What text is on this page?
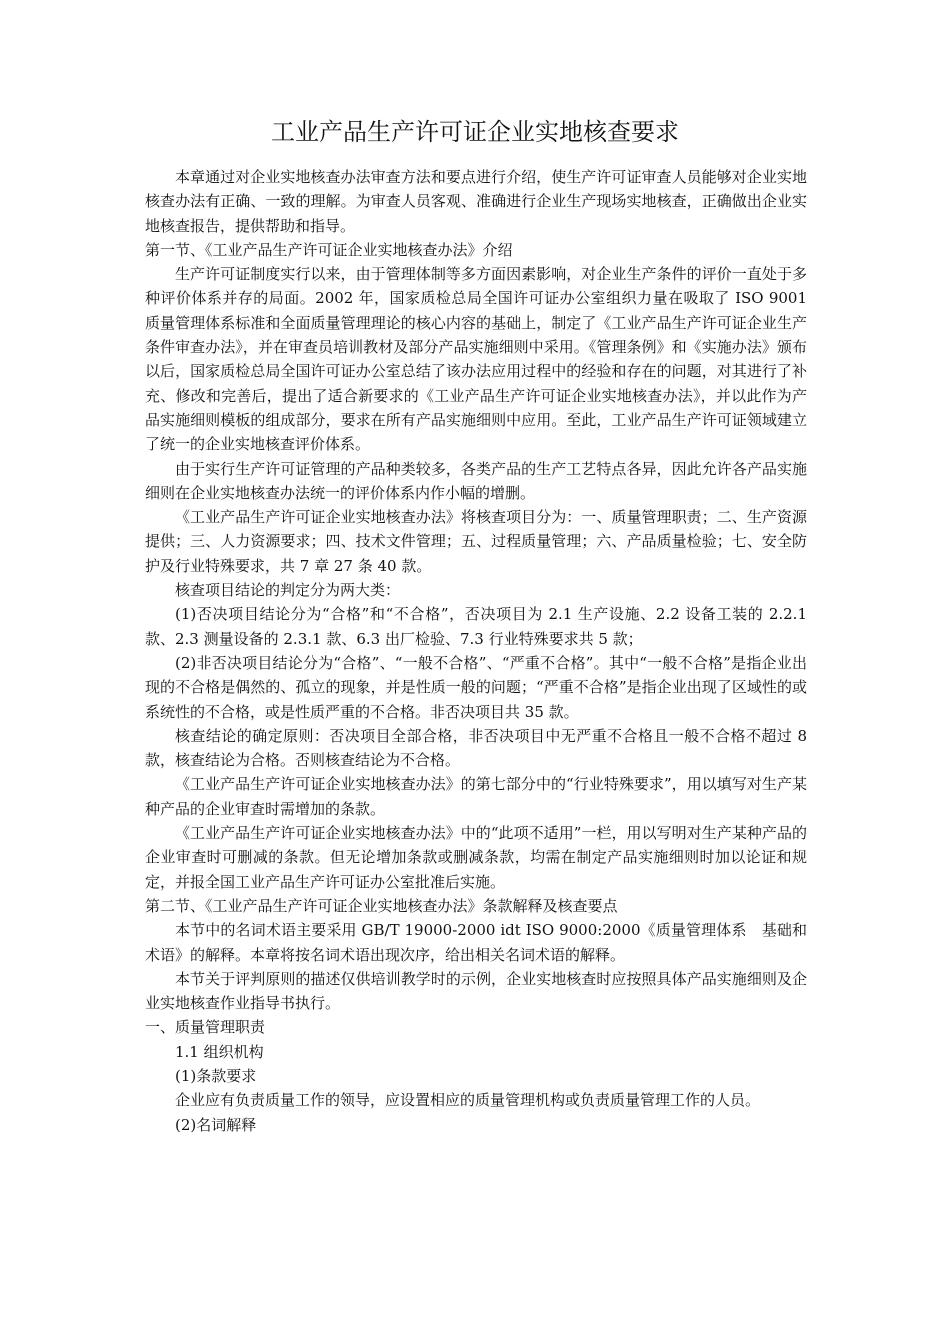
工业产品生产许可证企业实地核查要求

本章通过对企业实地核查办法审查方法和要点进行介绍，使生产许可证审查人员能够对企业实地核查办法有正确、一致的理解。为审查人员客观、准确进行企业生产现场实地核查，正确做出企业实地核查报告，提供帮助和指导。

第一节、《工业产品生产许可证企业实地核查办法》介绍

生产许可证制度实行以来，由于管理体制等多方面因素影响，对企业生产条件的评价一直处于多种评价体系并存的局面。2002 年，国家质检总局全国许可证办公室组织力量在吸取了 ISO 9001 质量管理体系标准和全面质量管理理论的核心内容的基础上，制定了《工业产品生产许可证企业生产条件审查办法》，并在审查员培训教材及部分产品实施细则中采用。《管理条例》和《实施办法》颁布以后，国家质检总局全国许可证办公室总结了该办法应用过程中的经验和存在的问题，对其进行了补充、修改和完善后，提出了适合新要求的《工业产品生产许可证企业实地核查办法》，并以此作为产品实施细则模板的组成部分，要求在所有产品实施细则中应用。至此，工业产品生产许可证领域建立了统一的企业实地核查评价体系。

由于实行生产许可证管理的产品种类较多，各类产品的生产工艺特点各异，因此允许各产品实施细则在企业实地核查办法统一的评价体系内作小幅的增删。

《工业产品生产许可证企业实地核查办法》将核查项目分为：一、质量管理职责；二、生产资源提供；三、人力资源要求；四、技术文件管理；五、过程质量管理；六、产品质量检验；七、安全防护及行业特殊要求，共 7 章 27 条 40 款。

核查项目结论的判定分为两大类：

(1)否决项目结论分为“合格”和“不合格”，否决项目为 2.1 生产设施、2.2 设备工装的 2.2.1 款、2.3 测量设备的 2.3.1 款、6.3 出厂检验、7.3 行业特殊要求共 5 款；

(2)非否决项目结论分为“合格”、“一般不合格”、“严重不合格”。其中“一般不合格”是指企业出现的不合格是偶然的、孤立的现象，并是性质一般的问题；“严重不合格”是指企业出现了区域性的或系统性的不合格，或是性质严重的不合格。非否决项目共 35 款。

核查结论的确定原则：否决项目全部合格，非否决项目中无严重不合格且一般不合格不超过 8 款，核查结论为合格。否则核查结论为不合格。

《工业产品生产许可证企业实地核查办法》的第七部分中的“行业特殊要求”，用以填写对生产某种产品的企业审查时需增加的条款。

《工业产品生产许可证企业实地核查办法》中的“此项不适用”一栏，用以写明对生产某种产品的企业审查时可删减的条款。但无论增加条款或删减条款，均需在制定产品实施细则时加以论证和规定，并报全国工业产品生产许可证办公室批准后实施。

第二节、《工业产品生产许可证企业实地核查办法》条款解释及核查要点

本节中的名词术语主要采用 GB/T 19000-2000 idt ISO 9000:2000《质量管理体系　基础和术语》的解释。本章将按名词术语出现次序，给出相关名词术语的解释。

本节关于评判原则的描述仅供培训教学时的示例，企业实地核查时应按照具体产品实施细则及企业实地核查作业指导书执行。

一、质量管理职责

1.1 组织机构

(1)条款要求

企业应有负责质量工作的领导，应设置相应的质量管理机构或负责质量管理工作的人员。

(2)名词解释
